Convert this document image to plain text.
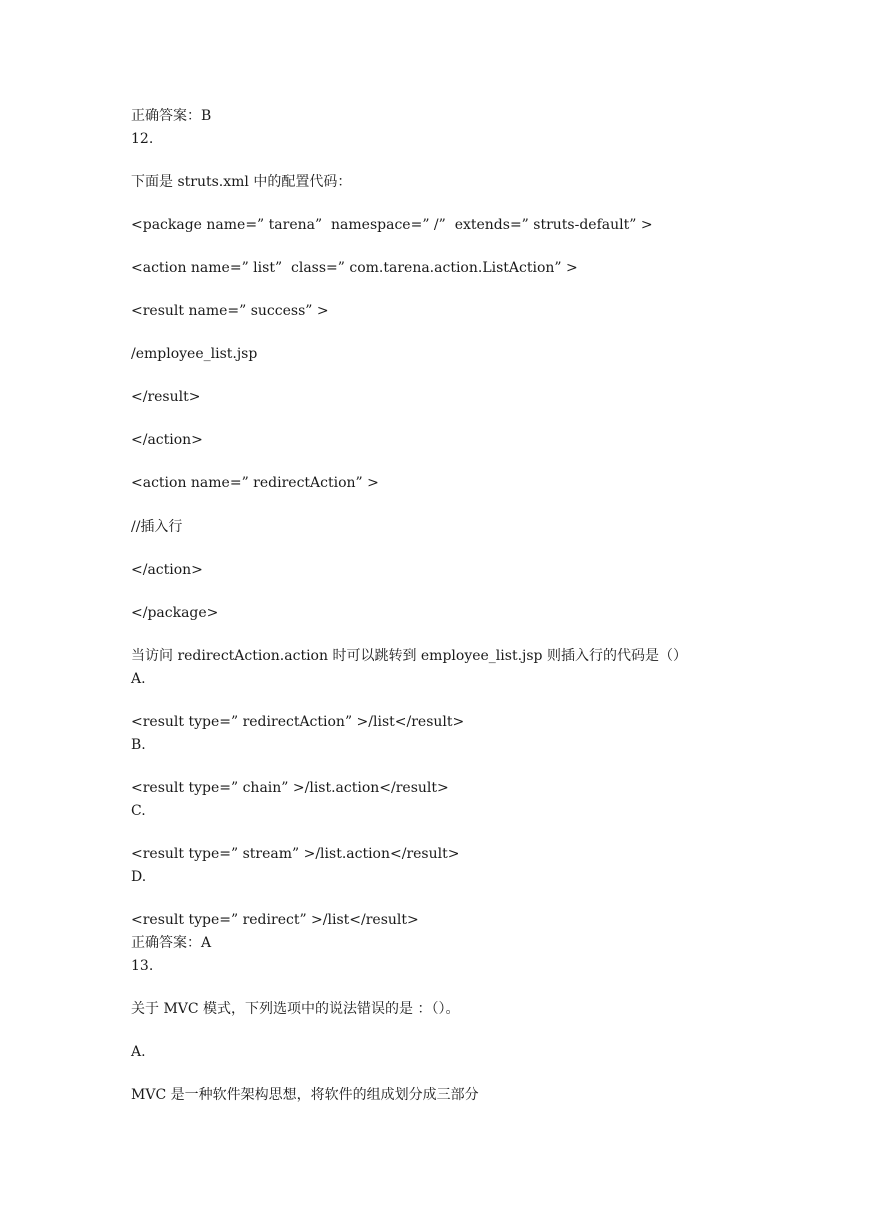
正确答案：B
12.
下面是 struts.xml 中的配置代码：
<package name=” tarena”  namespace=” /”  extends=” struts-default” >
<action name=” list”  class=” com.tarena.action.ListAction” >
<result name=” success” >
/employee_list.jsp
</result>
</action>
<action name=” redirectAction” >
//插入行
</action>
</package>
当访问 redirectAction.action 时可以跳转到 employee_list.jsp 则插入行的代码是（）
A.
<result type=” redirectAction” >/list</result>
B.
<result type=” chain” >/list.action</result>
C.
<result type=” stream” >/list.action</result>
D.
<result type=” redirect” >/list</result>
正确答案：A
13.
关于 MVC 模式，下列选项中的说法错误的是 ：（）。
A.
MVC 是一种软件架构思想，将软件的组成划分成三部分
